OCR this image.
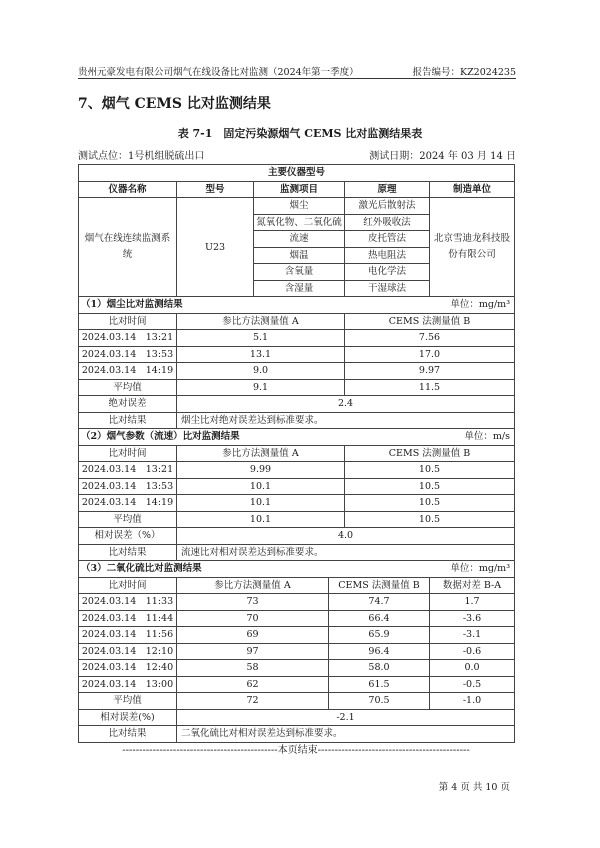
贵州元豪发电有限公司烟气在线设备比对监测（2024年第一季度）	报告编号：KZ2024235
7、烟气 CEMS 比对监测结果
表 7-1　固定污染源烟气 CEMS 比对监测结果表
测试点位：1号机组脱硫出口	测试日期：2024 年 03 月 14 日
主要仪器型号					
仪器名称	型号	监测项目		原理	制造单位
烟气在线连续监测系统	U23	烟尘		激光后散射法	北京雪迪龙科技股份有限公司
		氮氧化物、二氧化硫		红外吸收法	
		流速		皮托管法	
		烟温		热电阻法	
		含氧量		电化学法	
		含湿量		干湿球法	
（1）烟尘比对监测结果 单位：mg/m³					

比对时间	参比方法测量值 A			CEMS 法测量值 B	
2024.03.14　13:21	5.1			7.56	
2024.03.14　13:53	13.1			17.0	
2024.03.14　14:19	9.0			9.97	
平均值	9.1			11.5	
绝对误差	2.4				
比对结果	烟尘比对绝对误差达到标准要求。				
（2）烟气参数（流速）比对监测结果 单位：m/s					

比对时间	参比方法测量值 A			CEMS 法测量值 B	
2024.03.14　13:21	9.99			10.5	
2024.03.14　13:53	10.1			10.5	
2024.03.14　14:19	10.1			10.5	
平均值	10.1			10.5	
相对误差（%）	4.0				
比对结果	流速比对相对误差达到标准要求。				
（3）二氧化硫比对监测结果 单位：mg/m³					

比对时间	参比方法测量值 A		CEMS 法测量值 B		数据对差 B-A
2024.03.14　11:33	73		74.7		1.7
2024.03.14　11:44	70		66.4		-3.6
2024.03.14　11:56	69		65.9		-3.1
2024.03.14　12:10	97		96.4		-0.6
2024.03.14　12:40	58		58.0		0.0
2024.03.14　13:00	62		61.5		-0.5
平均值	72		70.5		-1.0
相对误差(%)	-2.1				
比对结果	二氧化硫比对相对误差达到标准要求。				
----------------------------------------------本页结束---------------------------------------------
第 4 页 共 10 页
